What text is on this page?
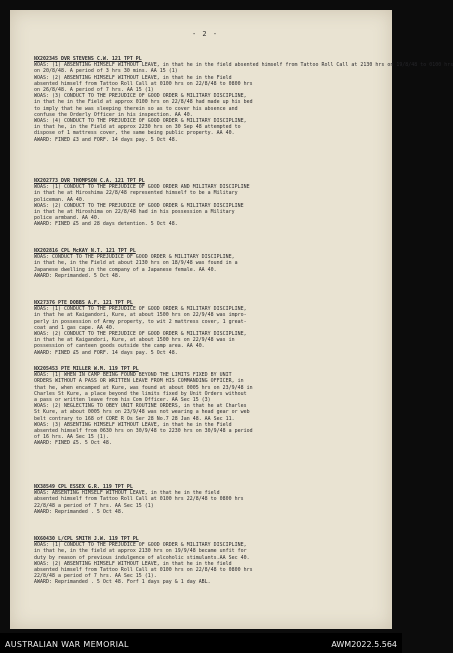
- 2 -
NX202345 DVR STEVENS C.W. 121 TPT PL
WOAS: (1) ABSENTING HIMSELF WITHOUT LEAVE, in that he in the field absented himself from Tattoo Roll Call at 2130 hrs on 19/8/48 to 0100 hrs
on 20/8/48. A period of 3 hrs 30 mins. AA 15 (1)
WOAS: (2) ABSENTING HIMSELF WITHOUT LEAVE, in that he in the Field
absented himself from Tattoo Roll Call at 0100 hrs on 22/8/48 to 0800 hrs
on 26/8/48. A period of 7 hrs. AA 15 (1)
WOAS: (3) CONDUCT TO THE PREJUDICE OF GOOD ORDER & MILITARY DISCIPLINE,
in that he in the Field at approx 0100 hrs on 22/8/48 had made up his bed
to imply that he was sleeping therein so as to cover his absence and
confuse the Orderly Officer in his inspection. AA 40.
WOAS: (4) CONDUCT TO THE PREJUDICE OF GOOD ORDER & MILITARY DISCIPLINE,
in that he, in the Field at approx 2230 hrs on 30 Sep 48 attempted to
dispose of 1 mattress cover, the same being public property. AA 40.
AWARD: FINED £3 and FORF. 14 days pay. 5 Oct 48.
NX202773 DVR THOMPSON C.A. 121 TPT PL
WOAS: (1) CONDUCT TO THE PREJUDICE OF GOOD ORDER AND MILITARY DISCIPLINE
in that he at Hiroshima 22/8/48 represented himself to be a Military
policeman. AA 40.
WOAS: (2) CONDUCT TO THE PREJUDICE OF GOOD ORDER & MILITARY DISCIPLINE
in that he at Hiroshima on 22/8/48 had in his possession a Military
police armband. AA 40.
AWARD: FINED £5 and 28 days detention. 5 Oct 48.
NX202816 CPL McKAY N.T. 121 TPT PL
WOAS: CONDUCT TO THE PREJUDICE OF GOOD ORDER & MILITARY DISCIPLINE,
in that he, in the Field at about 2130 hrs on 18/9/48 was found in a
Japanese dwelling in the company of a Japanese female. AA 40.
AWARD: Reprimanded. 5 Oct 48.
NX27376 PTE DOBBS A.F. 121 TPT PL
WOAS: (1) CONDUCT TO THE PREJUDICE OF GOOD ORDER & MILITARY DISCIPLINE,
in that he at Kaigandori, Kure, at about 1500 hrs on 22/9/48 was impro-
perly in possession of Army property, to wit 2 mattress cover, 1 great-
coat and 1 gas cape. AA 40.
WOAS: (2) CONDUCT TO THE PREJUDICE OF GOOD ORDER & MILITARY DISCIPLINE,
in that he at Kaigandori, Kure, at about 1500 hrs on 22/9/48 was in
possession of canteen goods outside the camp area. AA 40.
AWARD: FINED £5 and FORF. 14 days pay. 5 Oct 48.
NX205453 PTE MILLER W.M. 119 TPT PL
WOAS: (1) WHEN IN CAMP BEING FOUND BEYOND THE LIMITS FIXED BY UNIT
ORDERS WITHOUT A PASS OR WRITTEN LEAVE FROM HIS COMMANDING OFFICER, in
that he, when encamped at Kure, was found at about 0005 hrs on 23/9/48 in
Charles St Kure, a place beyond the limits fixed by Unit Orders without
a pass or written leave from his Com Officer. AA Sec 15 (3)
WOAS: (2) NEGLECTING TO OBEY UNIT ROUTINE ORDERS, in that he at Charles
St Kure, at about 0005 hrs on 23/9/48 was not wearing a head gear or web
belt contrary to 168 of CORE R Os Ser 28 No.7 28 Jan 48. AA Sec 11.
WOAS: (3) ABSENTING HIMSELF WITHOUT LEAVE, in that he in the Field
absented himself from 0630 hrs on 30/9/48 to 2230 hrs on 30/9/48 a period
of 16 hrs. AA Sec 15 (1).
AWARD: FINED £5. 5 Oct 48.
NX38549 CPL ESSEX G.R. 119 TPT PL
WOAS: ABSENTING HIMSELF WITHOUT LEAVE, in that he in the field
absented himself from Tattoo Roll Call at 0100 hrs 22/8/48 to 0800 hrs
22/8/48 a period of 7 hrs. AA Sec 15 (1)
AWARD: Reprimanded . 5 Oct 48.
NX60430 L/CPL SMITH J.W. 119 TPT PL
WOAS: (1) CONDUCT TO THE PREJUDICE OF GOOD ORDER & MILITARY DISCIPLINE,
in that he, in the field at approx 2130 hrs on 19/9/48 became unfit for
duty by reason of previous indulgence of alcoholic stimulants.AA Sec 40.
WOAS: (2) ABSENTING HIMSELF WITHOUT LEAVE, in that he in the field
absented himself from Tattoo Roll Call at 0100 hrs on 22/8/48 to 0800 hrs
22/8/48 a period of 7 hrs. AA Sec 15 (1).
AWARD: Reprimanded . 5 Oct 48. Forf 1 days pay & 1 day ABL.
AUSTRALIAN WAR MEMORIAL	AWM2022.5.564
